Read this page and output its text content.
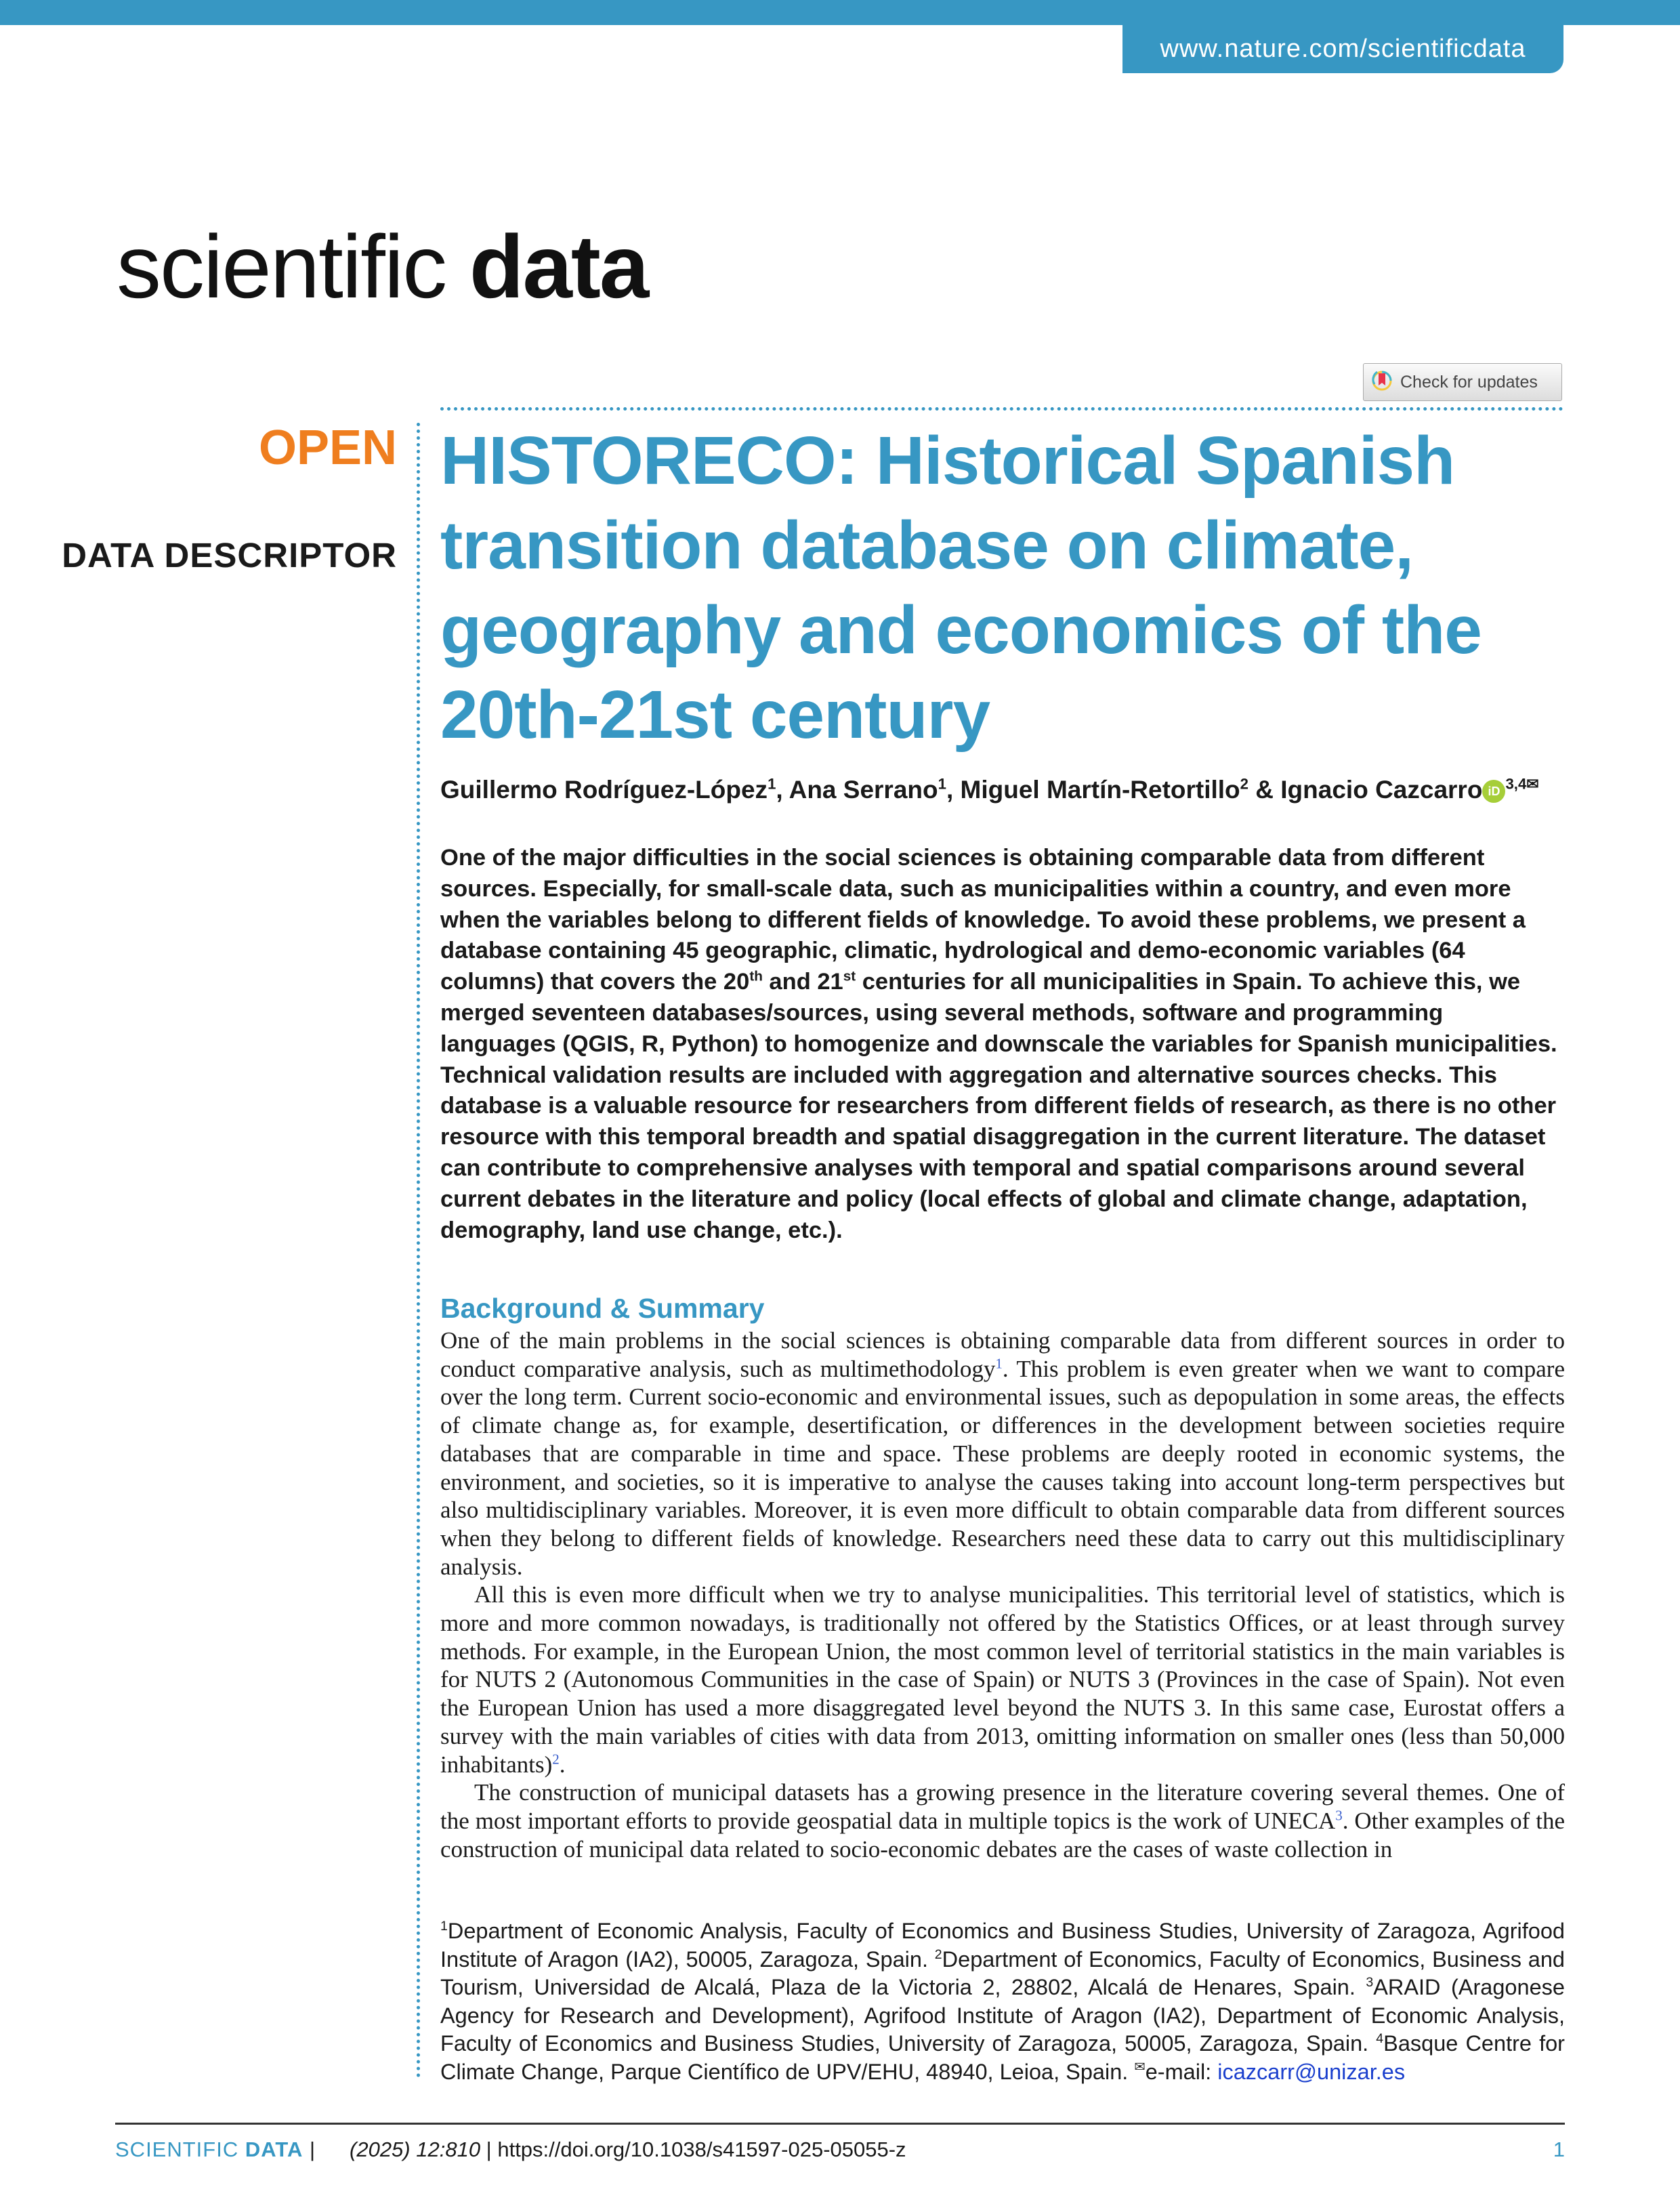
www.nature.com/scientificdata
scientific data
Check for updates
OPEN
DATA DESCRIPTOR
HISTORECO: Historical Spanish transition database on climate, geography and economics of the 20th-21st century
Guillermo Rodríguez-López$^1$, Ana Serrano$^1$, Miguel Martín-Retortillo$^2$ & Ignacio Cazcarro iD $^{3,4✉}$

One of the major difficulties in the social sciences is obtaining comparable data from different sources. Especially, for small-scale data, such as municipalities within a country, and even more when the variables belong to different fields of knowledge. To avoid these problems, we present a database containing 45 geographic, climatic, hydrological and demo-economic variables (64 columns) that covers the 20th and 21st centuries for all municipalities in Spain. To achieve this, we merged seventeen databases/sources, using several methods, software and programming languages (QGIS, R, Python) to homogenize and downscale the variables for Spanish municipalities. Technical validation results are included with aggregation and alternative sources checks. This database is a valuable resource for researchers from different fields of research, as there is no other resource with this temporal breadth and spatial disaggregation in the current literature. The dataset can contribute to comprehensive analyses with temporal and spatial comparisons around several current debates in the literature and policy (local effects of global and climate change, adaptation, demography, land use change, etc.).

Background & Summary

One of the main problems in the social sciences is obtaining comparable data from different sources in order to conduct comparative analysis, such as multimethodology$^1$. This problem is even greater when we want to compare over the long term. Current socio-economic and environmental issues, such as depopulation in some areas, the effects of climate change as, for example, desertification, or differences in the development between societies require databases that are comparable in time and space. These problems are deeply rooted in economic systems, the environment, and societies, so it is imperative to analyse the causes taking into account long-term perspectives but also multidisciplinary variables. Moreover, it is even more difficult to obtain comparable data from different sources when they belong to different fields of knowledge. Researchers need these data to carry out this multidisciplinary analysis.

All this is even more difficult when we try to analyse municipalities. This territorial level of statistics, which is more and more common nowadays, is traditionally not offered by the Statistics Offices, or at least through survey methods. For example, in the European Union, the most common level of territorial statistics in the main variables is for NUTS 2 (Autonomous Communities in the case of Spain) or NUTS 3 (Provinces in the case of Spain). Not even the European Union has used a more disaggregated level beyond the NUTS 3. In this same case, Eurostat offers a survey with the main variables of cities with data from 2013, omitting information on smaller ones (less than 50,000 inhabitants)$^2$.

The construction of municipal datasets has a growing presence in the literature covering several themes. One of the most important efforts to provide geospatial data in multiple topics is the work of UNECA$^3$. Other examples of the construction of municipal data related to socio-economic debates are the cases of waste collection in

$^1$Department of Economic Analysis, Faculty of Economics and Business Studies, University of Zaragoza, Agrifood Institute of Aragon (IA2), 50005, Zaragoza, Spain. $^2$Department of Economics, Faculty of Economics, Business and Tourism, Universidad de Alcalá, Plaza de la Victoria 2, 28802, Alcalá de Henares, Spain. $^3$ARAID (Aragonese Agency for Research and Development), Agrifood Institute of Aragon (IA2), Department of Economic Analysis, Faculty of Economics and Business Studies, University of Zaragoza, 50005, Zaragoza, Spain. $^4$Basque Centre for Climate Change, Parque Científico de UPV/EHU, 48940, Leioa, Spain. ✉e-mail: icazcarr@unizar.es

SCIENTIFIC DATA | (2025) 12:810 | https://doi.org/10.1038/s41597-025-05055-z	1
